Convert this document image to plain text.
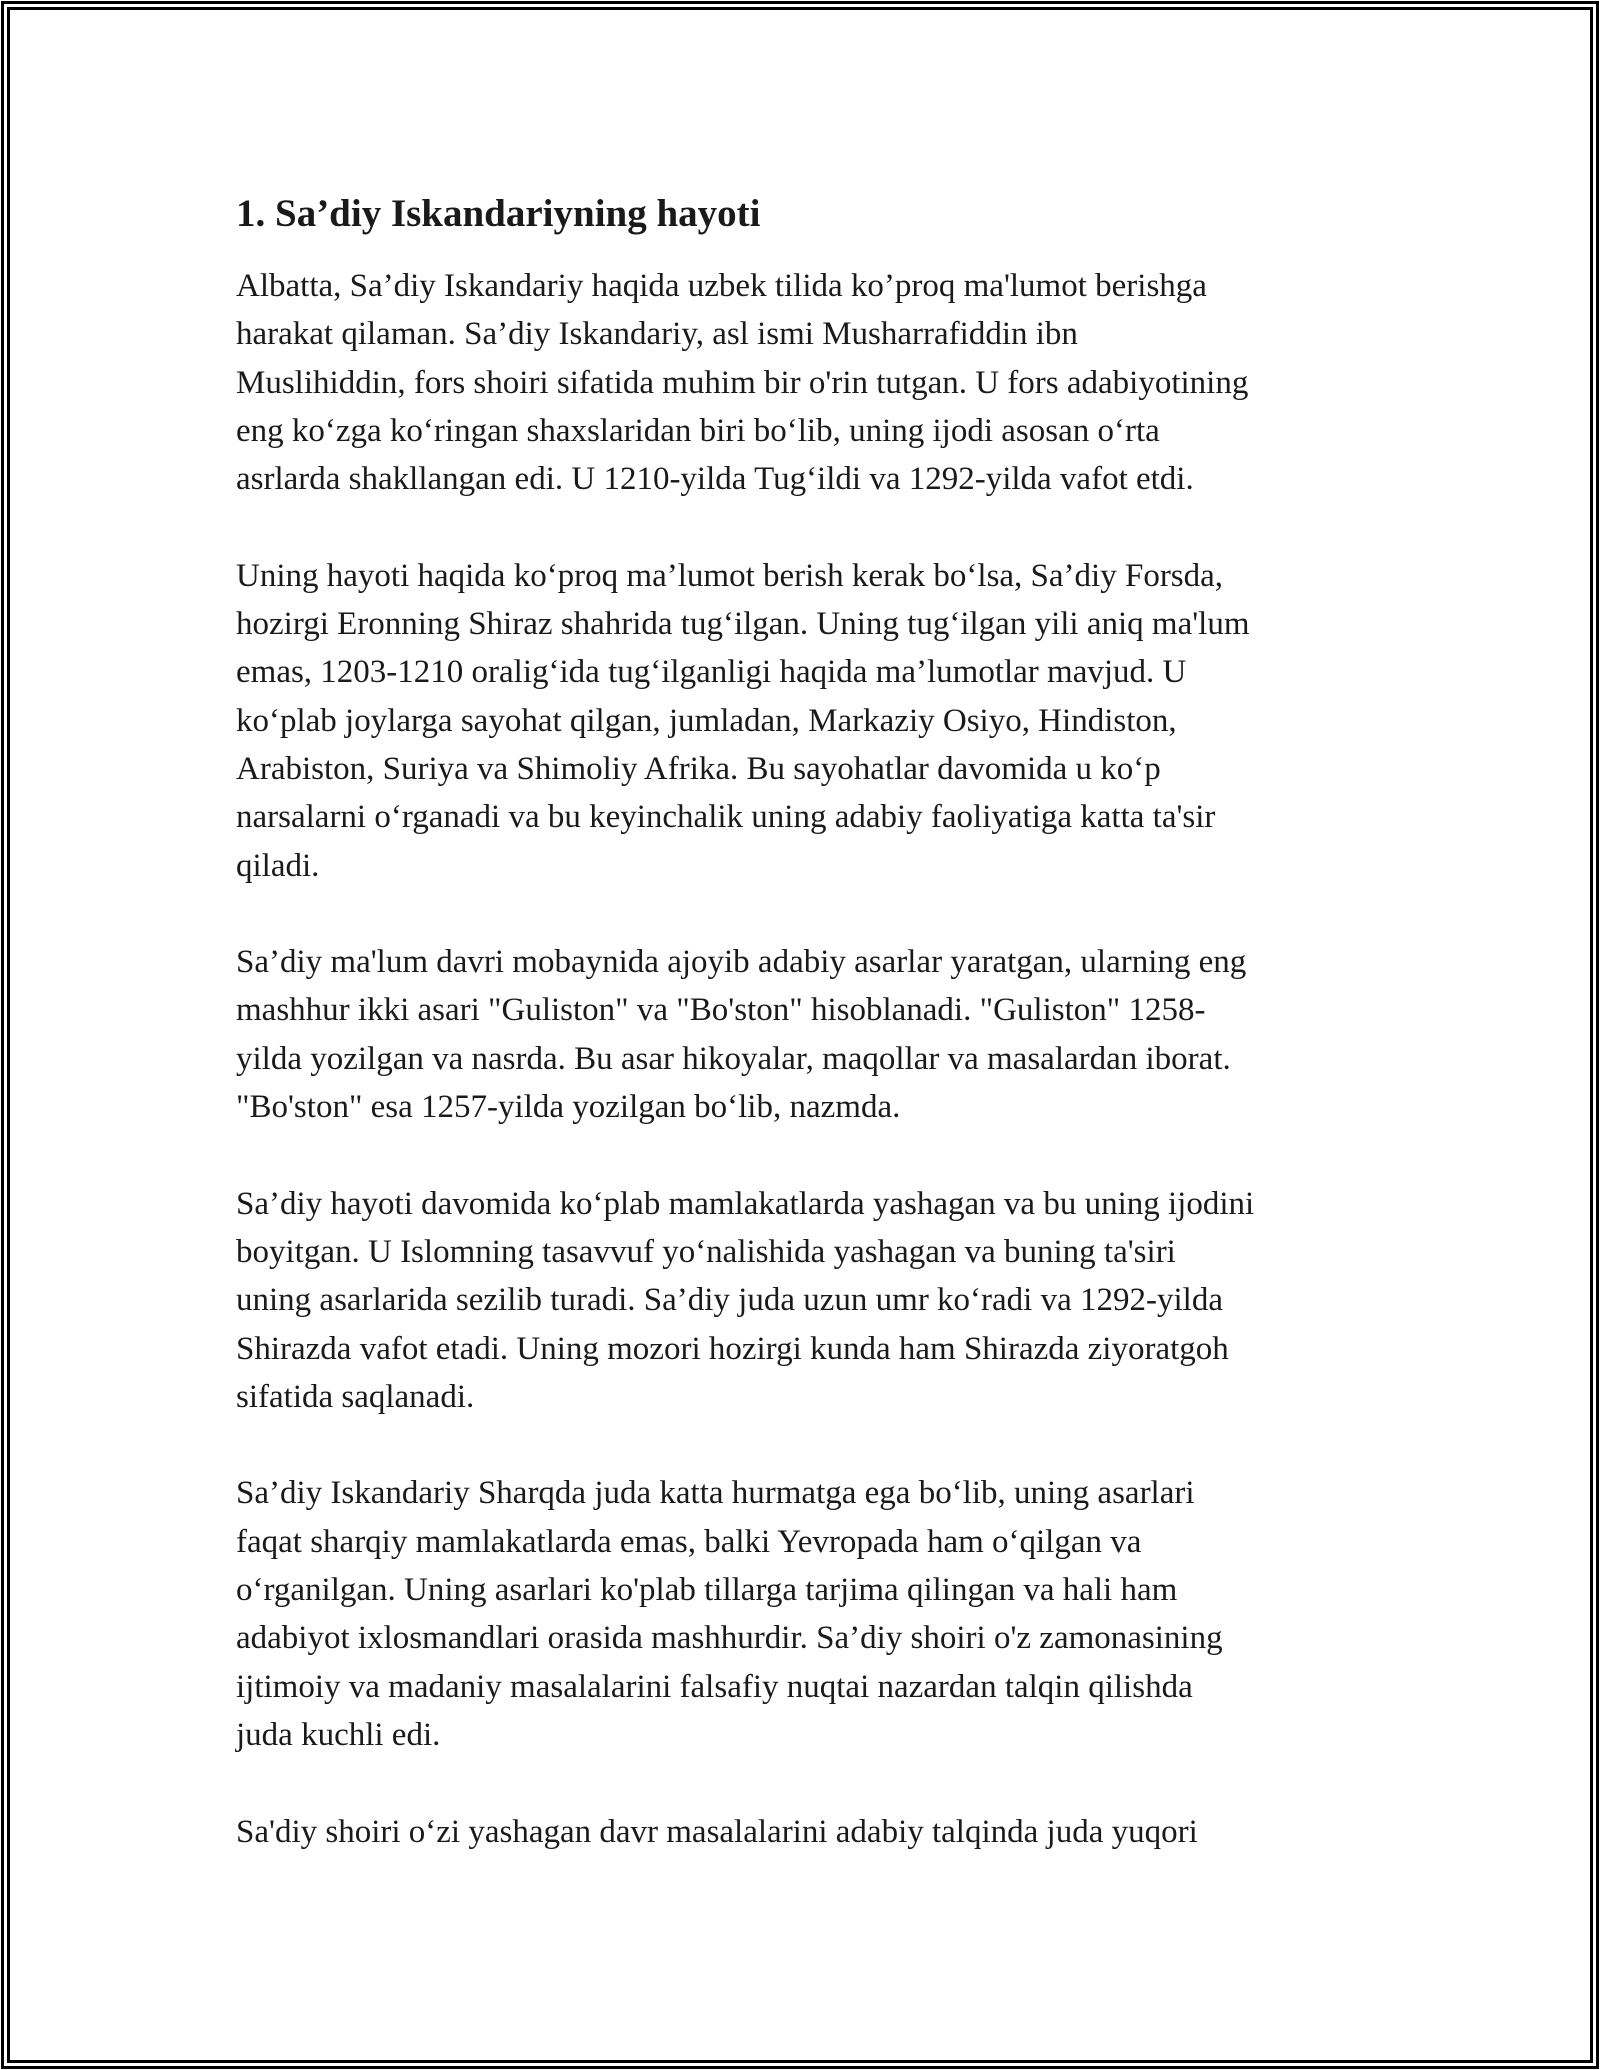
1. Sa’diy Iskandariyning hayoti
Albatta, Sa’diy Iskandariy haqida uzbek tilida ko’proq ma'lumot berishga
harakat qilaman. Sa’diy Iskandariy, asl ismi Musharrafiddin ibn
Muslihiddin, fors shoiri sifatida muhim bir o'rin tutgan. U fors adabiyotining
eng koʻzga koʻringan shaxslaridan biri boʻlib, uning ijodi asosan oʻrta
asrlarda shakllangan edi. U 1210-yilda Tugʻildi va 1292-yilda vafot etdi.
Uning hayoti haqida koʻproq ma’lumot berish kerak boʻlsa, Sa’diy Forsda,
hozirgi Eronning Shiraz shahrida tugʻilgan. Uning tugʻilgan yili aniq ma'lum
emas, 1203-1210 oraligʻida tugʻilganligi haqida ma’lumotlar mavjud. U
koʻplab joylarga sayohat qilgan, jumladan, Markaziy Osiyo, Hindiston,
Arabiston, Suriya va Shimoliy Afrika. Bu sayohatlar davomida u koʻp
narsalarni oʻrganadi va bu keyinchalik uning adabiy faoliyatiga katta ta'sir
qiladi.
Sa’diy ma'lum davri mobaynida ajoyib adabiy asarlar yaratgan, ularning eng
mashhur ikki asari "Guliston" va "Bo'ston" hisoblanadi. "Guliston" 1258-
yilda yozilgan va nasrda. Bu asar hikoyalar, maqollar va masalardan iborat.
"Bo'ston" esa 1257-yilda yozilgan boʻlib, nazmda.
Sa’diy hayoti davomida koʻplab mamlakatlarda yashagan va bu uning ijodini
boyitgan. U Islomning tasavvuf yoʻnalishida yashagan va buning ta'siri
uning asarlarida sezilib turadi. Sa’diy juda uzun umr koʻradi va 1292-yilda
Shirazda vafot etadi. Uning mozori hozirgi kunda ham Shirazda ziyoratgoh
sifatida saqlanadi.
Sa’diy Iskandariy Sharqda juda katta hurmatga ega boʻlib, uning asarlari
faqat sharqiy mamlakatlarda emas, balki Yevropada ham oʻqilgan va
oʻrganilgan. Uning asarlari ko'plab tillarga tarjima qilingan va hali ham
adabiyot ixlosmandlari orasida mashhurdir. Sa’diy shoiri o'z zamonasining
ijtimoiy va madaniy masalalarini falsafiy nuqtai nazardan talqin qilishda
juda kuchli edi.
Sa'diy shoiri oʻzi yashagan davr masalalarini adabiy talqinda juda yuqori
